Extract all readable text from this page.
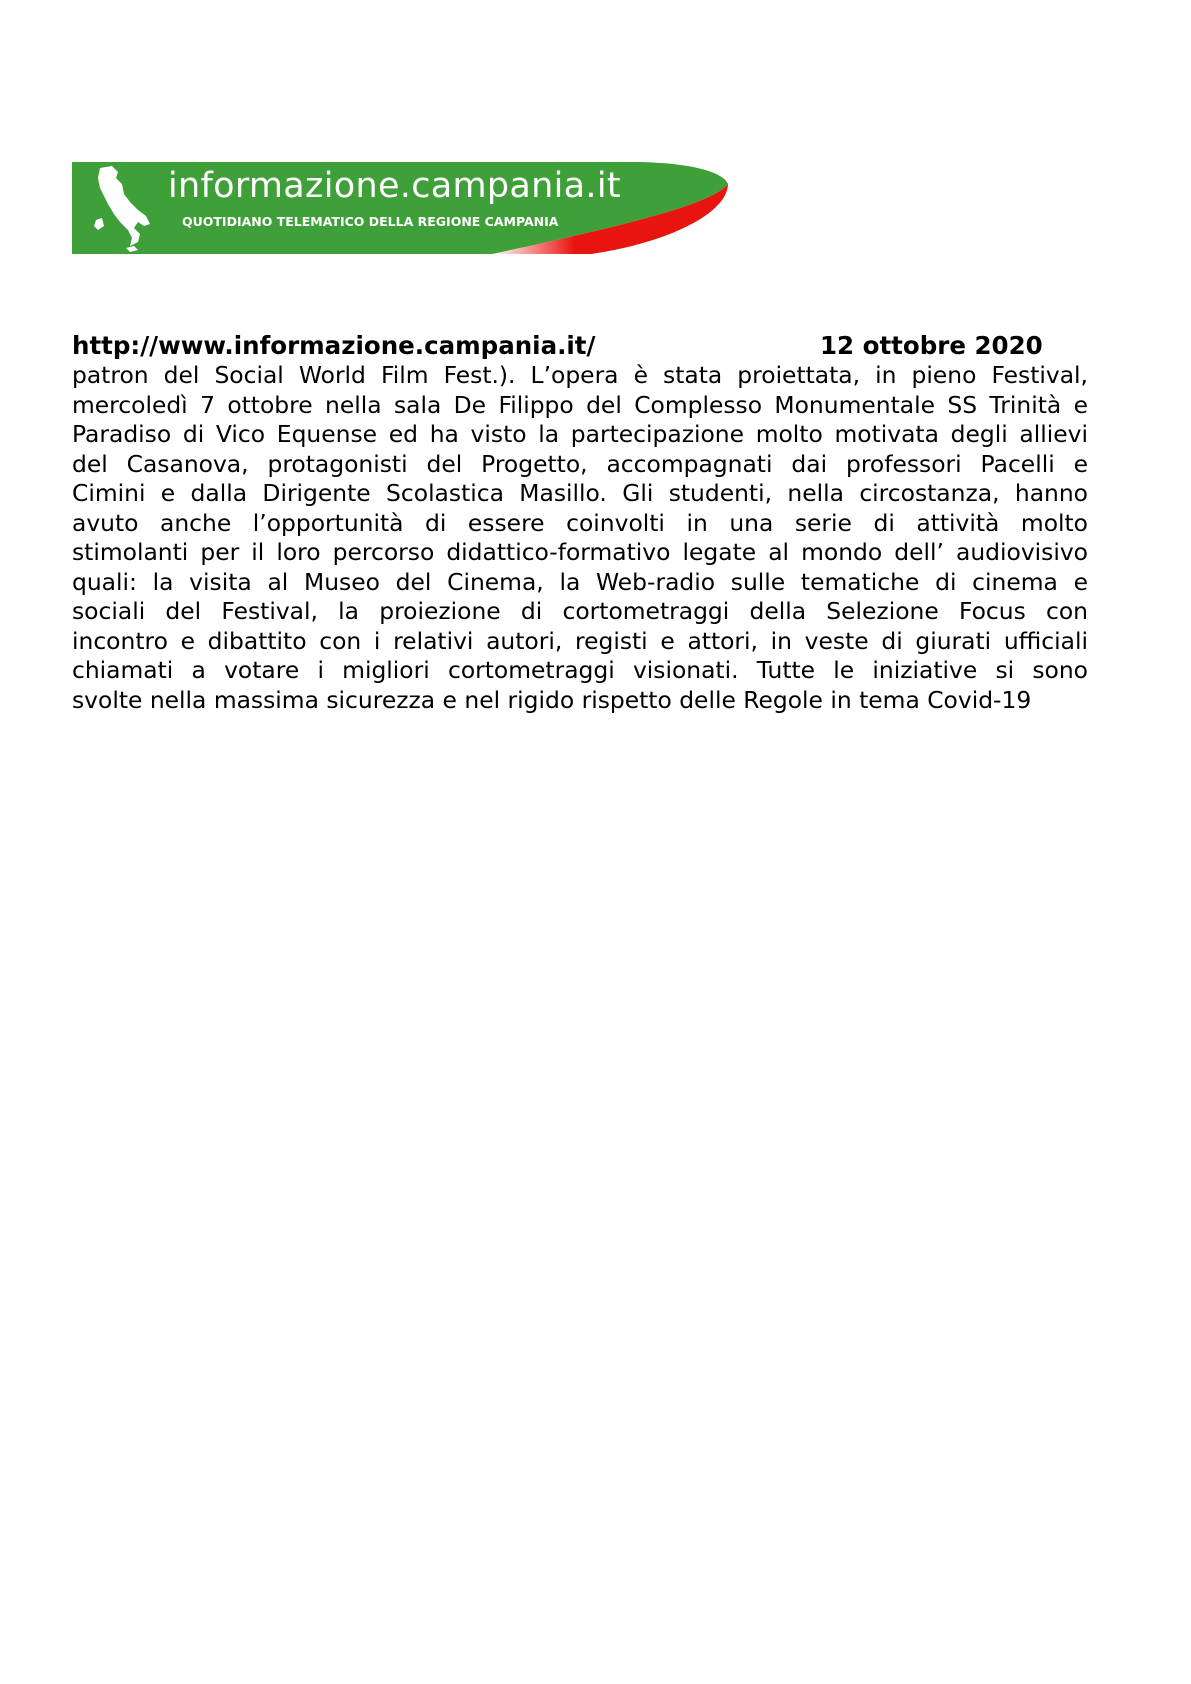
informazione.campania.it
QUOTIDIANO TELEMATICO DELLA REGIONE CAMPANIA
http://www.informazione.campania.it/	12 ottobre 2020
patron del Social World Film Fest.). L’opera è stata proiettata, in pieno Festival,
mercoledì 7 ottobre nella sala De Filippo del Complesso Monumentale SS Trinità e
Paradiso di Vico Equense ed ha visto la partecipazione molto motivata degli allievi
del Casanova, protagonisti del Progetto, accompagnati dai professori Pacelli e
Cimini e dalla Dirigente Scolastica Masillo. Gli studenti, nella circostanza, hanno
avuto anche l’opportunità di essere coinvolti in una serie di attività molto
stimolanti per il loro percorso didattico-formativo legate al mondo dell’ audiovisivo
quali: la visita al Museo del Cinema, la Web-radio sulle tematiche di cinema e
sociali del Festival, la proiezione di cortometraggi della Selezione Focus con
incontro e dibattito con i relativi autori, registi e attori, in veste di giurati ufficiali
chiamati a votare i migliori cortometraggi visionati. Tutte le iniziative si sono
svolte nella massima sicurezza e nel rigido rispetto delle Regole in tema Covid-19
